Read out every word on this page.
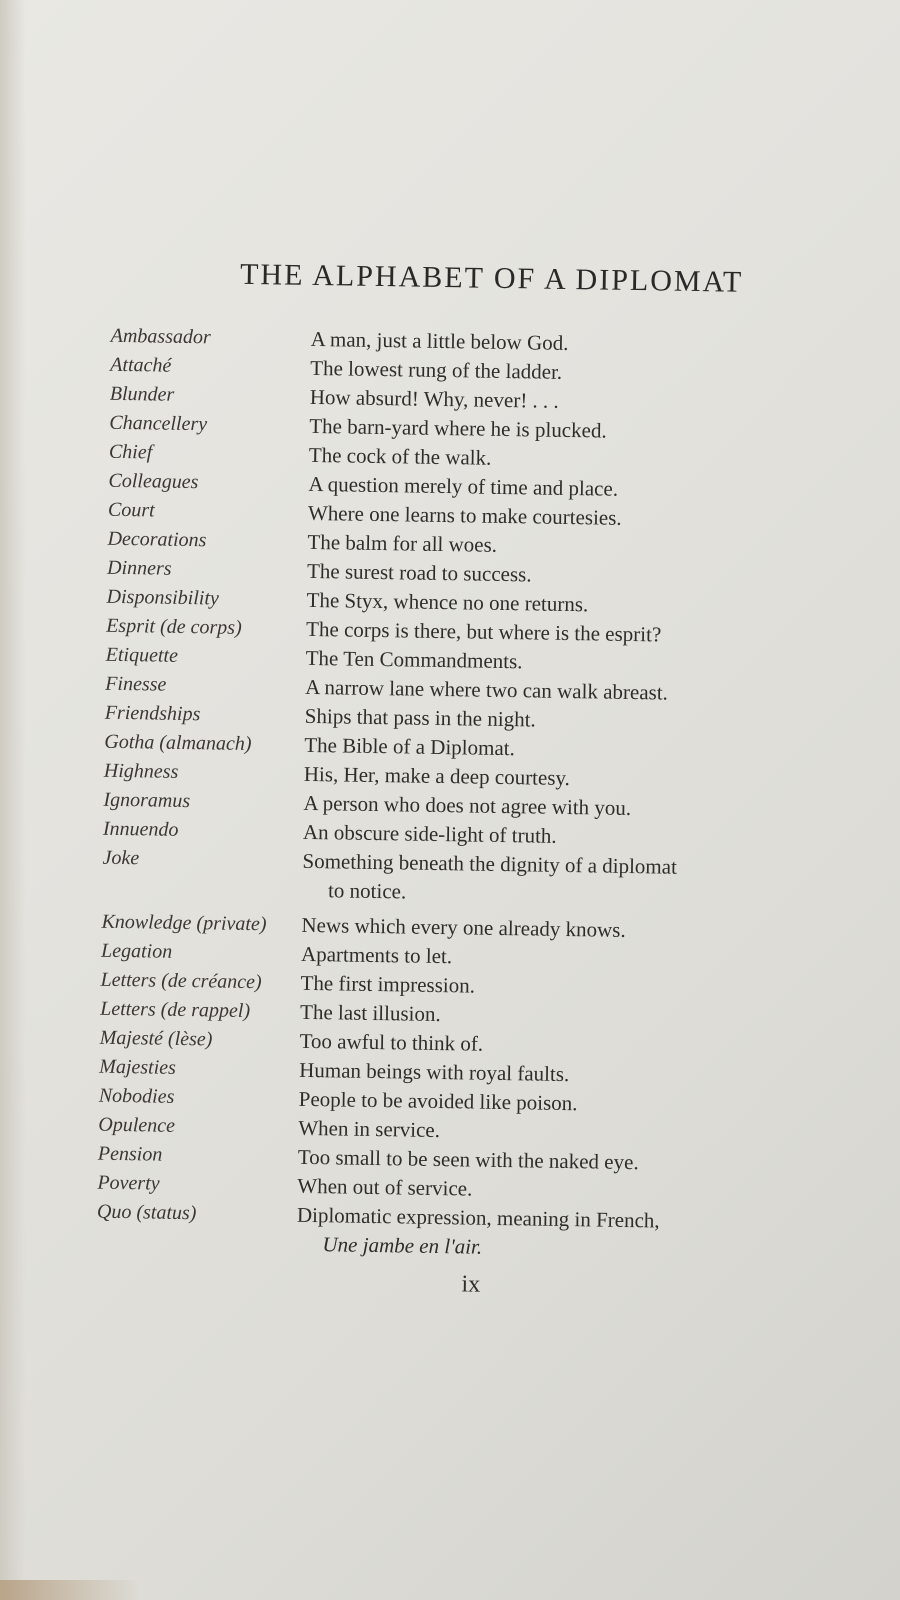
THE ALPHABET OF A DIPLOMAT
Ambassador	A man, just a little below God.
Attaché	The lowest rung of the ladder.
Blunder	How absurd! Why, never! . . .
Chancellery	The barn-yard where he is plucked.
Chief	The cock of the walk.
Colleagues	A question merely of time and place.
Court	Where one learns to make courtesies.
Decorations	The balm for all woes.
Dinners	The surest road to success.
Disponsibility	The Styx, whence no one returns.
Esprit (de corps)	The corps is there, but where is the esprit?
Etiquette	The Ten Commandments.
Finesse	A narrow lane where two can walk abreast.
Friendships	Ships that pass in the night.
Gotha (almanach)	The Bible of a Diplomat.
Highness	His, Her, make a deep courtesy.
Ignoramus	A person who does not agree with you.
Innuendo	An obscure side-light of truth.
Joke	Something beneath the dignity of a diplomat
to notice.
Knowledge (private)	News which every one already knows.
Legation	Apartments to let.
Letters (de créance)	The first impression.
Letters (de rappel)	The last illusion.
Majesté (lèse)	Too awful to think of.
Majesties	Human beings with royal faults.
Nobodies	People to be avoided like poison.
Opulence	When in service.
Pension	Too small to be seen with the naked eye.
Poverty	When out of service.
Quo (status)	Diplomatic expression, meaning in French,
Une jambe en l'air.
ix
